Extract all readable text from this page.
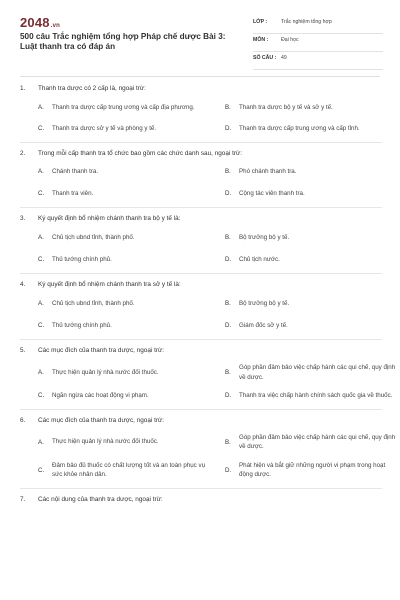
2048.vn
500 câu Trắc nghiệm tổng hợp Pháp chế dược Bài 3: Luật thanh tra có đáp án
LỚP :	Trắc nghiệm tổng hợp
MÔN : Đại học
SỐ CÂU : 49
1.	Thanh tra dược có 2 cấp là, ngoại trừ:
A.	Thanh tra dược cấp trung ương và cấp địa phương.	B.	Thanh tra dược bộ y tế và sở y tế.
C.	Thanh tra dược sở y tế và phòng y tế.	D.	Thanh tra dược cấp trung ương và cấp tỉnh.
2.	Trong mỗi cấp thanh tra tổ chức bao gồm các chức danh sau, ngoại trừ:
A.	Chánh thanh tra.	B.	Phó chánh thanh tra.
C.	Thanh tra viên.	D.	Cộng tác viên thanh tra.
3.	Ký quyết định bổ nhiệm chánh thanh tra bộ y tế là:
A.	Chủ tịch ubnd tỉnh, thành phố.	B.	Bộ trưởng bộ y tế.
C.	Thủ tướng chính phủ.	D.	Chủ tịch nước.
4.	Ký quyết định bổ nhiệm chánh thanh tra sở y tế là:
A.	Chủ tịch ubnd tỉnh, thành phố.	B.	Bộ trưởng bộ y tế.
C.	Thủ tướng chính phủ.	D.	Giám đốc sở y tế.
5.	Các mục đích của thanh tra dược, ngoại trừ:
A.	Thực hiện quản lý nhà nước đối thuốc.	B.
Góp phần đảm bảo việc chấp hành các qui chế, quy định về dược.
C.	Ngăn ngừa các hoạt động vi phạm.	D.	Thanh tra việc chấp hành chính sách quốc gia về thuốc.
6.	Các mục đích của thanh tra dược, ngoại trừ:
A.	Thực hiện quản lý nhà nước đối thuốc.	B.
Góp phần đảm bảo việc chấp hành các qui chế, quy định về dược.
C.
Đảm bảo đủ thuốc có chất lượng tốt và an toàn phục vụ sức khỏe nhân dân.
D.
Phát hiện và bắt giữ những người vi phạm trong hoạt động dược.
7.	Các nội dung của thanh tra dược, ngoại trừ:
